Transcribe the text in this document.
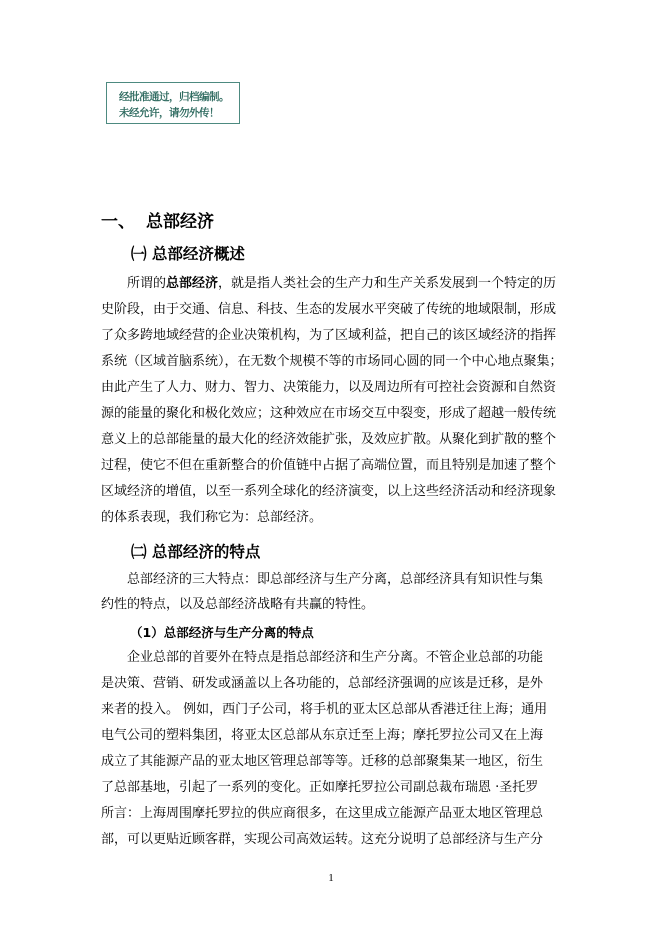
经批准通过，归档编制。
未经允许，请勿外传！
一、 总部经济
㈠ 总部经济概述
所谓的总部经济，就是指人类社会的生产力和生产关系发展到一个特定的历
史阶段，由于交通、信息、科技、生态的发展水平突破了传统的地域限制，形成
了众多跨地域经营的企业决策机构，为了区域利益，把自己的该区域经济的指挥
系统（区域首脑系统），在无数个规模不等的市场同心圆的同一个中心地点聚集；
由此产生了人力、财力、智力、决策能力，以及周边所有可控社会资源和自然资
源的能量的聚化和极化效应；这种效应在市场交互中裂变，形成了超越一般传统
意义上的总部能量的最大化的经济效能扩张，及效应扩散。从聚化到扩散的整个
过程，使它不但在重新整合的价值链中占据了高端位置，而且特别是加速了整个
区域经济的增值，以至一系列全球化的经济演变，以上这些经济活动和经济现象
的体系表现，我们称它为：总部经济。
㈡ 总部经济的特点
总部经济的三大特点：即总部经济与生产分离，总部经济具有知识性与集
约性的特点，以及总部经济战略有共赢的特性。
（1）总部经济与生产分离的特点
企业总部的首要外在特点是指总部经济和生产分离。不管企业总部的功能
是决策、营销、研发或涵盖以上各功能的，总部经济强调的应该是迁移，是外
来者的投入。 例如，西门子公司，将手机的亚太区总部从香港迁往上海；通用
电气公司的塑料集团，将亚太区总部从东京迁至上海；摩托罗拉公司又在上海
成立了其能源产品的亚太地区管理总部等等。迁移的总部聚集某一地区，衍生
了总部基地，引起了一系列的变化。正如摩托罗拉公司副总裁布瑞恩 ·圣托罗
所言：上海周围摩托罗拉的供应商很多，在这里成立能源产品亚太地区管理总
部，可以更贴近顾客群，实现公司高效运转。这充分说明了总部经济与生产分
1
